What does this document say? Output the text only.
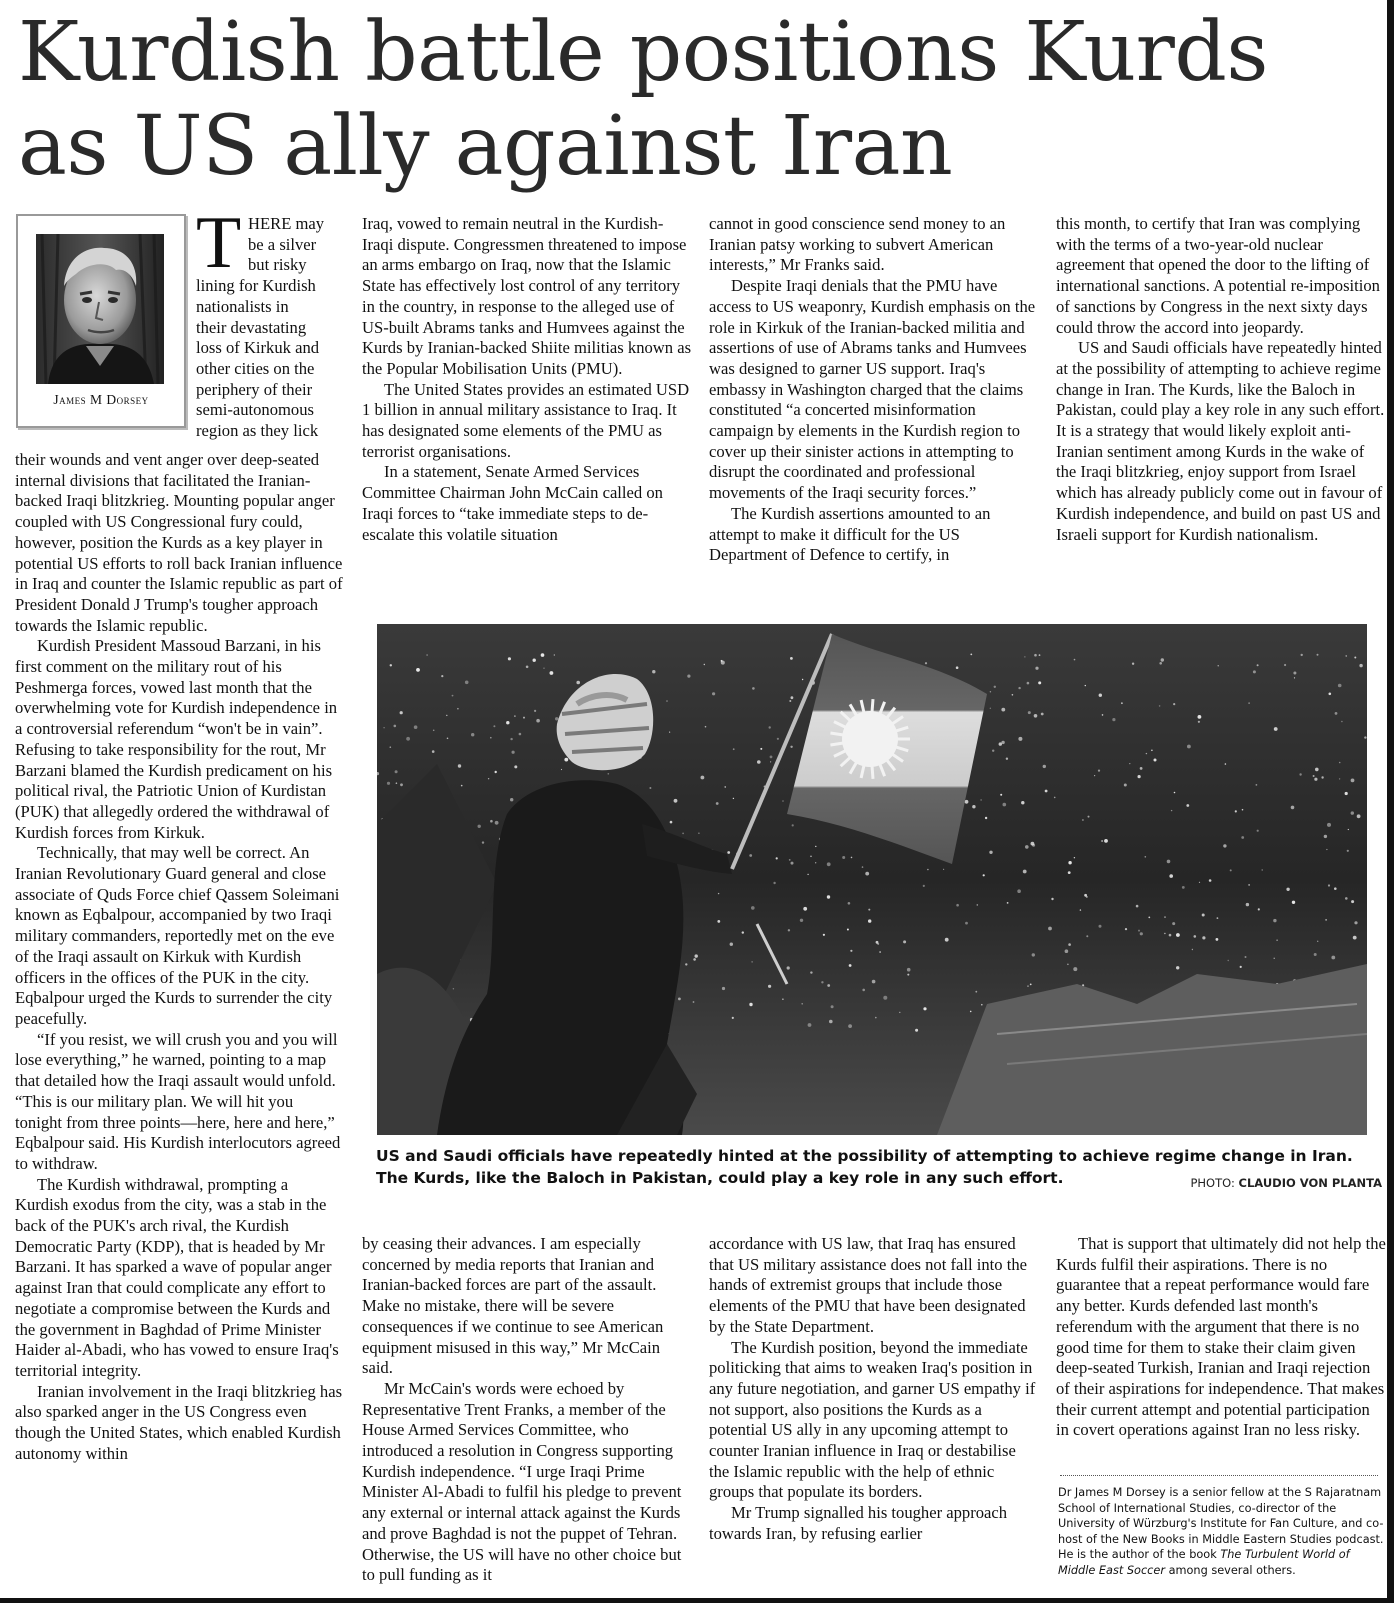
Kurdish battle positions Kurds as US ally against Iran
James M Dorsey
T HERE may
be a silver
but risky
lining for Kurdish
nationalists in
their devastating
loss of Kirkuk and
other cities on the
periphery of their
semi-autonomous
region as they lick

their wounds and vent anger over deep-seated internal divisions that facilitated the Iranian-backed Iraqi blitzkrieg. Mounting popular anger coupled with US Congressional fury could, however, position the Kurds as a key player in potential US efforts to roll back Iranian influence in Iraq and counter the Islamic republic as part of President Donald J Trump's tougher approach towards the Islamic republic.

Kurdish President Massoud Barzani, in his first comment on the military rout of his Peshmerga forces, vowed last month that the overwhelming vote for Kurdish independence in a controversial referendum “won't be in vain”. Refusing to take responsibility for the rout, Mr Barzani blamed the Kurdish predicament on his political rival, the Patriotic Union of Kurdistan (PUK) that allegedly ordered the withdrawal of Kurdish forces from Kirkuk.

Technically, that may well be correct. An Iranian Revolutionary Guard general and close associate of Quds Force chief Qassem Soleimani known as Eqbalpour, accompanied by two Iraqi military commanders, reportedly met on the eve of the Iraqi assault on Kirkuk with Kurdish officers in the offices of the PUK in the city. Eqbalpour urged the Kurds to surrender the city peacefully.

“If you resist, we will crush you and you will lose everything,” he warned, pointing to a map that detailed how the Iraqi assault would unfold. “This is our military plan. We will hit you tonight from three points—here, here and here,” Eqbalpour said. His Kurdish interlocutors agreed to withdraw.

The Kurdish withdrawal, prompting a Kurdish exodus from the city, was a stab in the back of the PUK's arch rival, the Kurdish Democratic Party (KDP), that is headed by Mr Barzani. It has sparked a wave of popular anger against Iran that could complicate any effort to negotiate a compromise between the Kurds and the government in Baghdad of Prime Minister Haider al-Abadi, who has vowed to ensure Iraq's territorial integrity.

Iranian involvement in the Iraqi blitzkrieg has also sparked anger in the US Congress even though the United States, which enabled Kurdish autonomy within

Iraq, vowed to remain neutral in the Kurdish-Iraqi dispute. Congressmen threatened to impose an arms embargo on Iraq, now that the Islamic State has effectively lost control of any territory in the country, in response to the alleged use of US-built Abrams tanks and Humvees against the Kurds by Iranian-backed Shiite militias known as the Popular Mobilisation Units (PMU).

The United States provides an estimated USD 1 billion in annual military assistance to Iraq. It has designated some elements of the PMU as terrorist organisations.

In a statement, Senate Armed Services Committee Chairman John McCain called on Iraqi forces to “take immediate steps to de-escalate this volatile situation

cannot in good conscience send money to an Iranian patsy working to subvert American interests,” Mr Franks said.

Despite Iraqi denials that the PMU have access to US weaponry, Kurdish emphasis on the role in Kirkuk of the Iranian-backed militia and assertions of use of Abrams tanks and Humvees was designed to garner US support. Iraq's embassy in Washington charged that the claims constituted “a concerted misinformation campaign by elements in the Kurdish region to cover up their sinister actions in attempting to disrupt the coordinated and professional movements of the Iraqi security forces.”

The Kurdish assertions amounted to an attempt to make it difficult for the US Department of Defence to certify, in

this month, to certify that Iran was complying with the terms of a two-year-old nuclear agreement that opened the door to the lifting of international sanctions. A potential re-imposition of sanctions by Congress in the next sixty days could throw the accord into jeopardy.

US and Saudi officials have repeatedly hinted at the possibility of attempting to achieve regime change in Iran. The Kurds, like the Baloch in Pakistan, could play a key role in any such effort. It is a strategy that would likely exploit anti-Iranian sentiment among Kurds in the wake of the Iraqi blitzkrieg, enjoy support from Israel which has already publicly come out in favour of Kurdish independence, and build on past US and Israeli support for Kurdish nationalism.

US and Saudi officials have repeatedly hinted at the possibility of attempting to achieve regime change in Iran. The Kurds, like the Baloch in Pakistan, could play a key role in any such effort.	PHOTO: CLAUDIO VON PLANTA

by ceasing their advances. I am especially concerned by media reports that Iranian and Iranian-backed forces are part of the assault. Make no mistake, there will be severe consequences if we continue to see American equipment misused in this way,” Mr McCain said.

Mr McCain's words were echoed by Representative Trent Franks, a member of the House Armed Services Committee, who introduced a resolution in Congress supporting Kurdish independence. “I urge Iraqi Prime Minister Al-Abadi to fulfil his pledge to prevent any external or internal attack against the Kurds and prove Baghdad is not the puppet of Tehran. Otherwise, the US will have no other choice but to pull funding as it

accordance with US law, that Iraq has ensured that US military assistance does not fall into the hands of extremist groups that include those elements of the PMU that have been designated by the State Department.

The Kurdish position, beyond the immediate politicking that aims to weaken Iraq's position in any future negotiation, and garner US empathy if not support, also positions the Kurds as a potential US ally in any upcoming attempt to counter Iranian influence in Iraq or destabilise the Islamic republic with the help of ethnic groups that populate its borders.

Mr Trump signalled his tougher approach towards Iran, by refusing earlier

That is support that ultimately did not help the Kurds fulfil their aspirations. There is no guarantee that a repeat performance would fare any better. Kurds defended last month's referendum with the argument that there is no good time for them to stake their claim given deep-seated Turkish, Iranian and Iraqi rejection of their aspirations for independence. That makes their current attempt and potential participation in covert operations against Iran no less risky.

Dr James M Dorsey is a senior fellow at the S Rajaratnam School of International Studies, co-director of the University of Würzburg's Institute for Fan Culture, and co-host of the New Books in Middle Eastern Studies podcast. He is the author of the book The Turbulent World of Middle East Soccer among several others.
